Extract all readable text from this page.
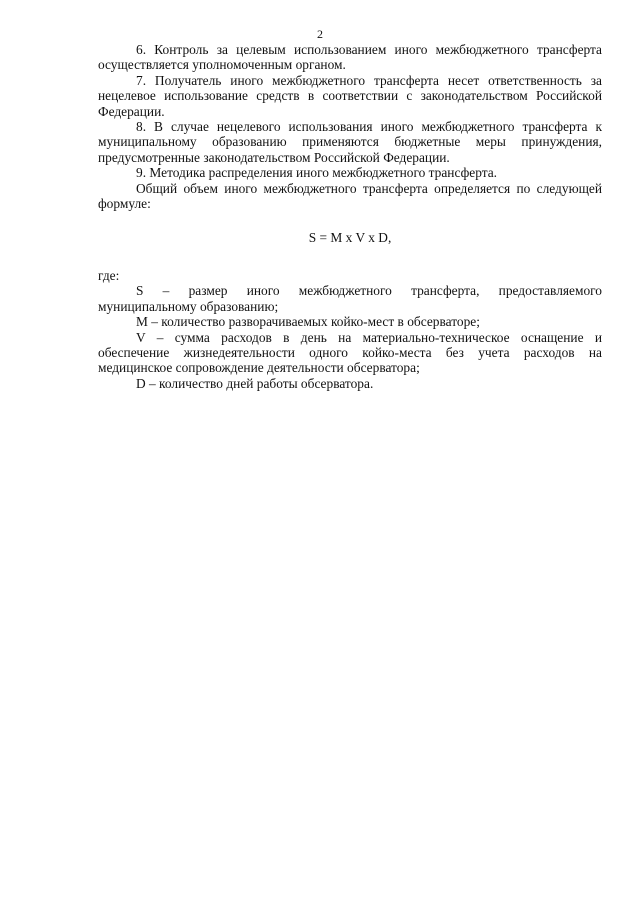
2

6. Контроль за целевым использованием иного межбюджетного трансферта осуществляется уполномоченным органом.

7. Получатель иного межбюджетного трансферта несет ответственность за нецелевое использование средств в соответствии с законодательством Российской Федерации.

8. В случае нецелевого использования иного межбюджетного трансферта к муниципальному образованию применяются бюджетные меры принуждения, предусмотренные законодательством Российской Федерации.

9. Методика распределения иного межбюджетного трансферта.

Общий объем иного межбюджетного трансферта определяется по следующей формуле:

S = M x V x D,

где:

S – размер иного межбюджетного трансферта, предоставляемого муниципальному образованию;

M – количество разворачиваемых койко-мест в обсерваторе;

V – сумма расходов в день на материально-техническое оснащение и обеспечение жизнедеятельности одного койко-места без учета расходов на медицинское сопровождение деятельности обсерватора;

D – количество дней работы обсерватора.
